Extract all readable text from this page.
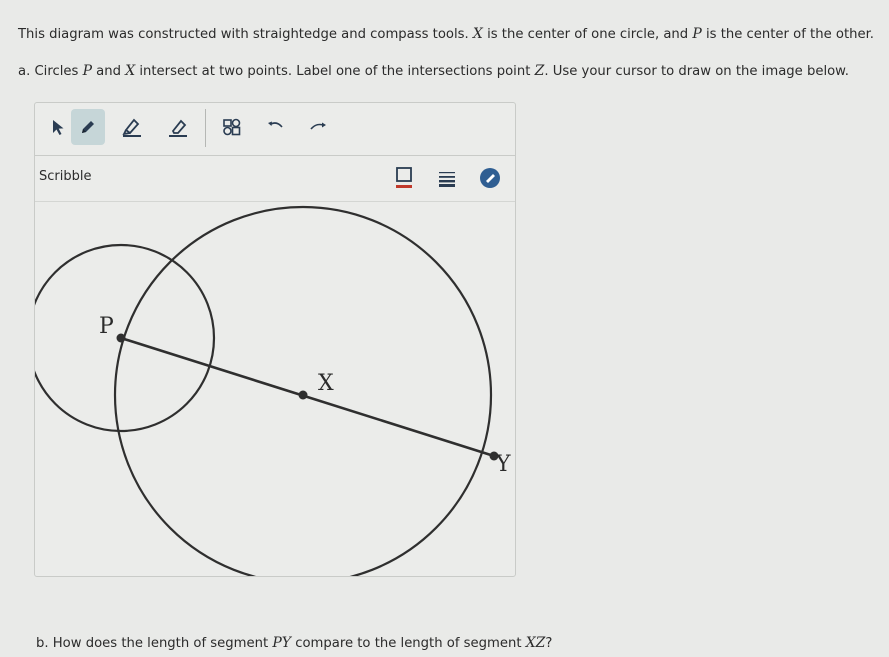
This diagram was constructed with straightedge and compass tools. X is the center of one circle, and P is the center of the other.
a. Circles P and X intersect at two points. Label one of the intersections point Z. Use your cursor to draw on the image below.
Scribble
P
X
Y
b. How does the length of segment PY compare to the length of segment XZ?
